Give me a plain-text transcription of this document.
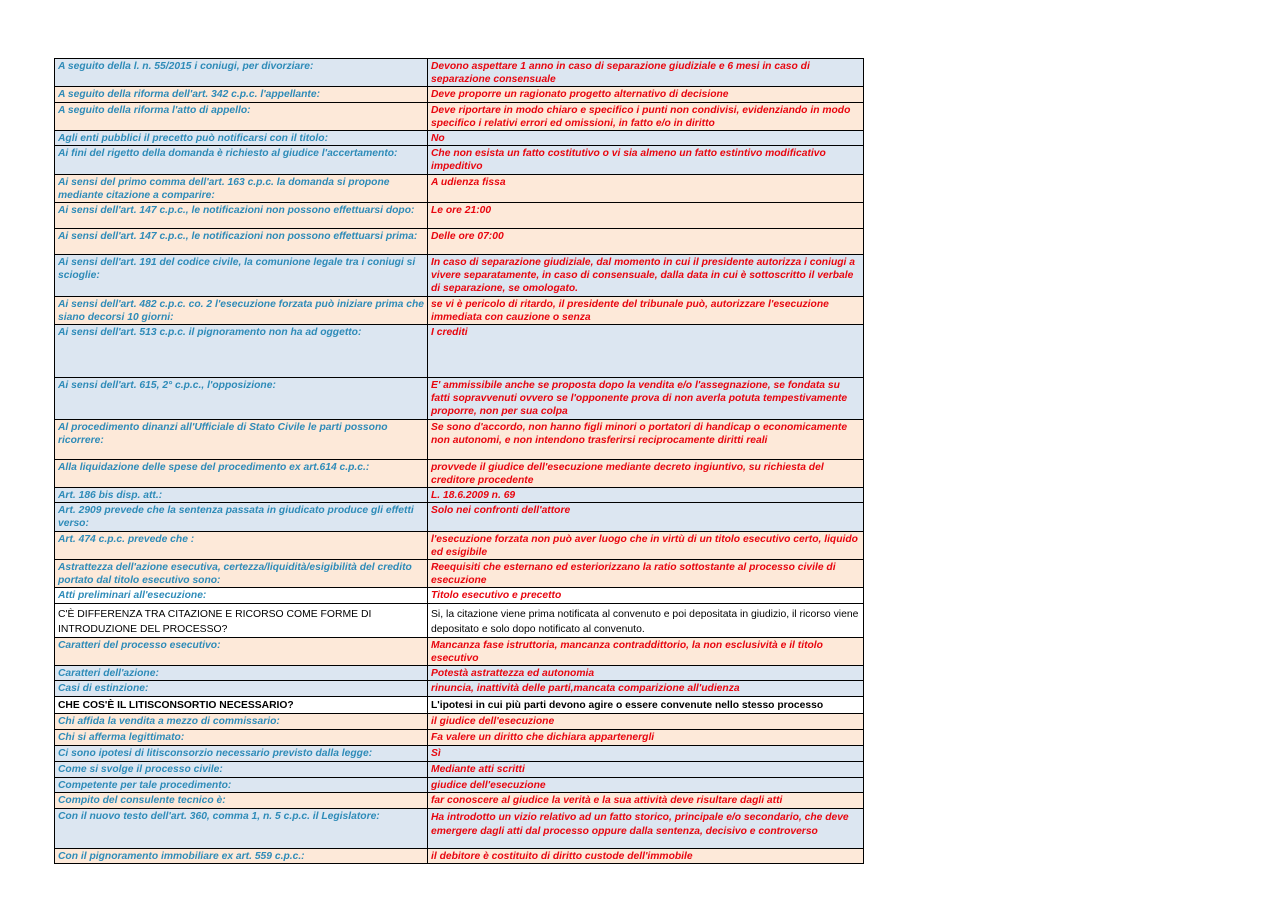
A seguito della l. n. 55/2015 i coniugi, per divorziare:	Devono aspettare 1 anno in caso di separazione giudiziale e 6 mesi in caso di separazione consensuale
A seguito della riforma dell'art. 342 c.p.c. l'appellante:	Deve proporre un ragionato progetto alternativo di decisione
A seguito della riforma l'atto di appello:	Deve riportare in modo chiaro e specifico i punti non condivisi, evidenziando in modo specifico i relativi errori ed omissioni, in fatto e/o in diritto
Agli enti pubblici il precetto può notificarsi con il titolo:	No
Ai fini del rigetto della domanda è richiesto al giudice l'accertamento:	Che non esista un fatto costitutivo o vi sia almeno un fatto estintivo modificativo impeditivo
Ai sensi del primo comma dell'art. 163 c.p.c. la domanda si propone mediante citazione a comparire:	A udienza fissa
Ai sensi dell'art. 147 c.p.c., le notificazioni non possono effettuarsi dopo:	Le ore 21:00
Ai sensi dell'art. 147 c.p.c., le notificazioni non possono effettuarsi prima:	Delle ore 07:00
Ai sensi dell'art. 191 del codice civile, la comunione legale tra i coniugi si scioglie:	In caso di separazione giudiziale, dal momento in cui il presidente autorizza i coniugi a vivere separatamente, in caso di consensuale, dalla data in cui è sottoscritto il verbale di separazione, se omologato.
Ai sensi dell'art. 482 c.p.c. co. 2 l'esecuzione forzata può iniziare prima che siano decorsi 10 giorni:	se vi è pericolo di ritardo, il presidente del tribunale può, autorizzare l'esecuzione immediata con cauzione o senza
Ai sensi dell'art. 513 c.p.c. il pignoramento non ha ad oggetto:	I crediti
Ai sensi dell'art. 615, 2° c.p.c., l'opposizione:	E' ammissibile anche se proposta dopo la vendita e/o l'assegnazione, se fondata su fatti sopravvenuti ovvero se l'opponente prova di non averla potuta tempestivamente proporre, non per sua colpa
Al procedimento dinanzi all'Ufficiale di Stato Civile le parti possono ricorrere:	Se sono d'accordo, non hanno figli minori o portatori di handicap o economicamente non autonomi, e non intendono trasferirsi reciprocamente diritti reali
Alla liquidazione delle spese del procedimento ex art.614 c.p.c.:	provvede il giudice dell'esecuzione mediante decreto ingiuntivo, su richiesta del creditore procedente
Art. 186 bis disp. att.:	L. 18.6.2009 n. 69
Art. 2909 prevede che la sentenza passata in giudicato produce gli effetti verso:	Solo nei confronti dell'attore
Art. 474 c.p.c. prevede che :	l'esecuzione forzata non può aver luogo che in virtù di un titolo esecutivo certo, liquido ed esigibile
Astrattezza dell'azione esecutiva, certezza/liquidità/esigibilità del credito portato dal titolo esecutivo sono:	Reequisiti che esternano ed esteriorizzano la ratio sottostante al processo civile di esecuzione
Atti preliminari all'esecuzione:	Titolo esecutivo e precetto
C'È DIFFERENZA TRA CITAZIONE E RICORSO COME FORME DI INTRODUZIONE DEL PROCESSO?	Si, la citazione viene prima notificata al convenuto e poi depositata in giudizio, il ricorso viene depositato e solo dopo notificato al convenuto.
Caratteri del processo esecutivo:	Mancanza fase istruttoria, mancanza contraddittorio, la non esclusività e il titolo esecutivo
Caratteri dell'azione:	Potestà astrattezza ed autonomia
Casi di estinzione:	rinuncia, inattività delle parti,mancata comparizione all'udienza
CHE COS'È IL LITISCONSORTIO NECESSARIO?	L'ipotesi in cui più parti devono agire o essere convenute nello stesso processo
Chi affida la vendita a mezzo di commissario:	il giudice dell'esecuzione
Chi si afferma legittimato:	Fa valere un diritto che dichiara appartenergli
Ci sono ipotesi di litisconsorzio necessario previsto dalla legge:	Sì
Come si svolge il processo civile:	Mediante atti scritti
Competente per tale procedimento:	giudice dell'esecuzione
Compito del consulente tecnico è:	far conoscere al giudice la verità e la sua attività deve risultare dagli atti
Con il nuovo testo dell'art. 360, comma 1, n. 5 c.p.c. il Legislatore:	Ha introdotto un vizio relativo ad un fatto storico, principale e/o secondario, che deve emergere dagli atti dal processo oppure dalla sentenza, decisivo e controverso
Con il pignoramento immobiliare ex art. 559 c.p.c.:	il debitore è costituito di diritto custode dell'immobile
